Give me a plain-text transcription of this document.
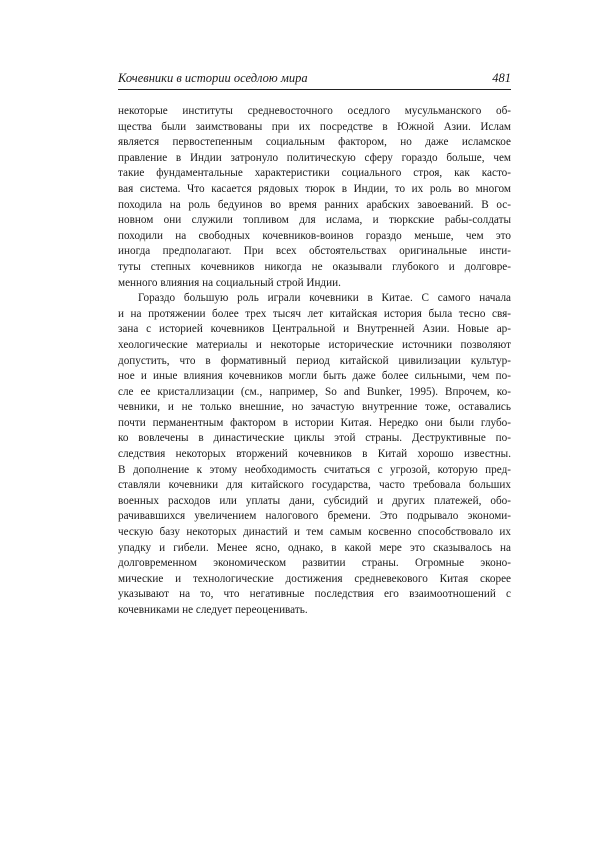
Кочевники в истории оседлою мира	481
некоторые институты средневосточного оседлого мусульманского об-
щества были заимствованы при их посредстве в Южной Азии. Ислам
является первостепенным социальным фактором, но даже исламское
правление в Индии затронуло политическую сферу гораздо больше, чем
такие фундаментальные характеристики социального строя, как касто-
вая система. Что касается рядовых тюрок в Индии, то их роль во многом
походила на роль бедуинов во время ранних арабских завоеваний. В ос-
новном они служили топливом для ислама, и тюркские рабы-солдаты
походили на свободных кочевников-воинов гораздо меньше, чем это
иногда предполагают. При всех обстоятельствах оригинальные инсти-
туты степных кочевников никогда не оказывали глубокого и долговре-
менного влияния на социальный строй Индии.
Гораздо большую роль играли кочевники в Китае. С самого начала
и на протяжении более трех тысяч лет китайская история была тесно свя-
зана с историей кочевников Центральной и Внутренней Азии. Новые ар-
хеологические материалы и некоторые исторические источники позволяют
допустить, что в формативный период китайской цивилизации культур-
ное и иные влияния кочевников могли быть даже более сильными, чем по-
сле ее кристаллизации (см., например, So and Bunker, 1995). Впрочем, ко-
чевники, и не только внешние, но зачастую внутренние тоже, оставались
почти перманентным фактором в истории Китая. Нередко они были глубо-
ко вовлечены в династические циклы этой страны. Деструктивные по-
следствия некоторых вторжений кочевников в Китай хорошо известны.
В дополнение к этому необходимость считаться с угрозой, которую пред-
ставляли кочевники для китайского государства, часто требовала больших
военных расходов или уплаты дани, субсидий и других платежей, обо-
рачивавшихся увеличением налогового бремени. Это подрывало экономи-
ческую базу некоторых династий и тем самым косвенно способствовало их
упадку и гибели. Менее ясно, однако, в какой мере это сказывалось на
долговременном экономическом развитии страны. Огромные эконо-
мические и технологические достижения средневекового Китая скорее
указывают на то, что негативные последствия его взаимоотношений с
кочевниками не следует переоценивать.
